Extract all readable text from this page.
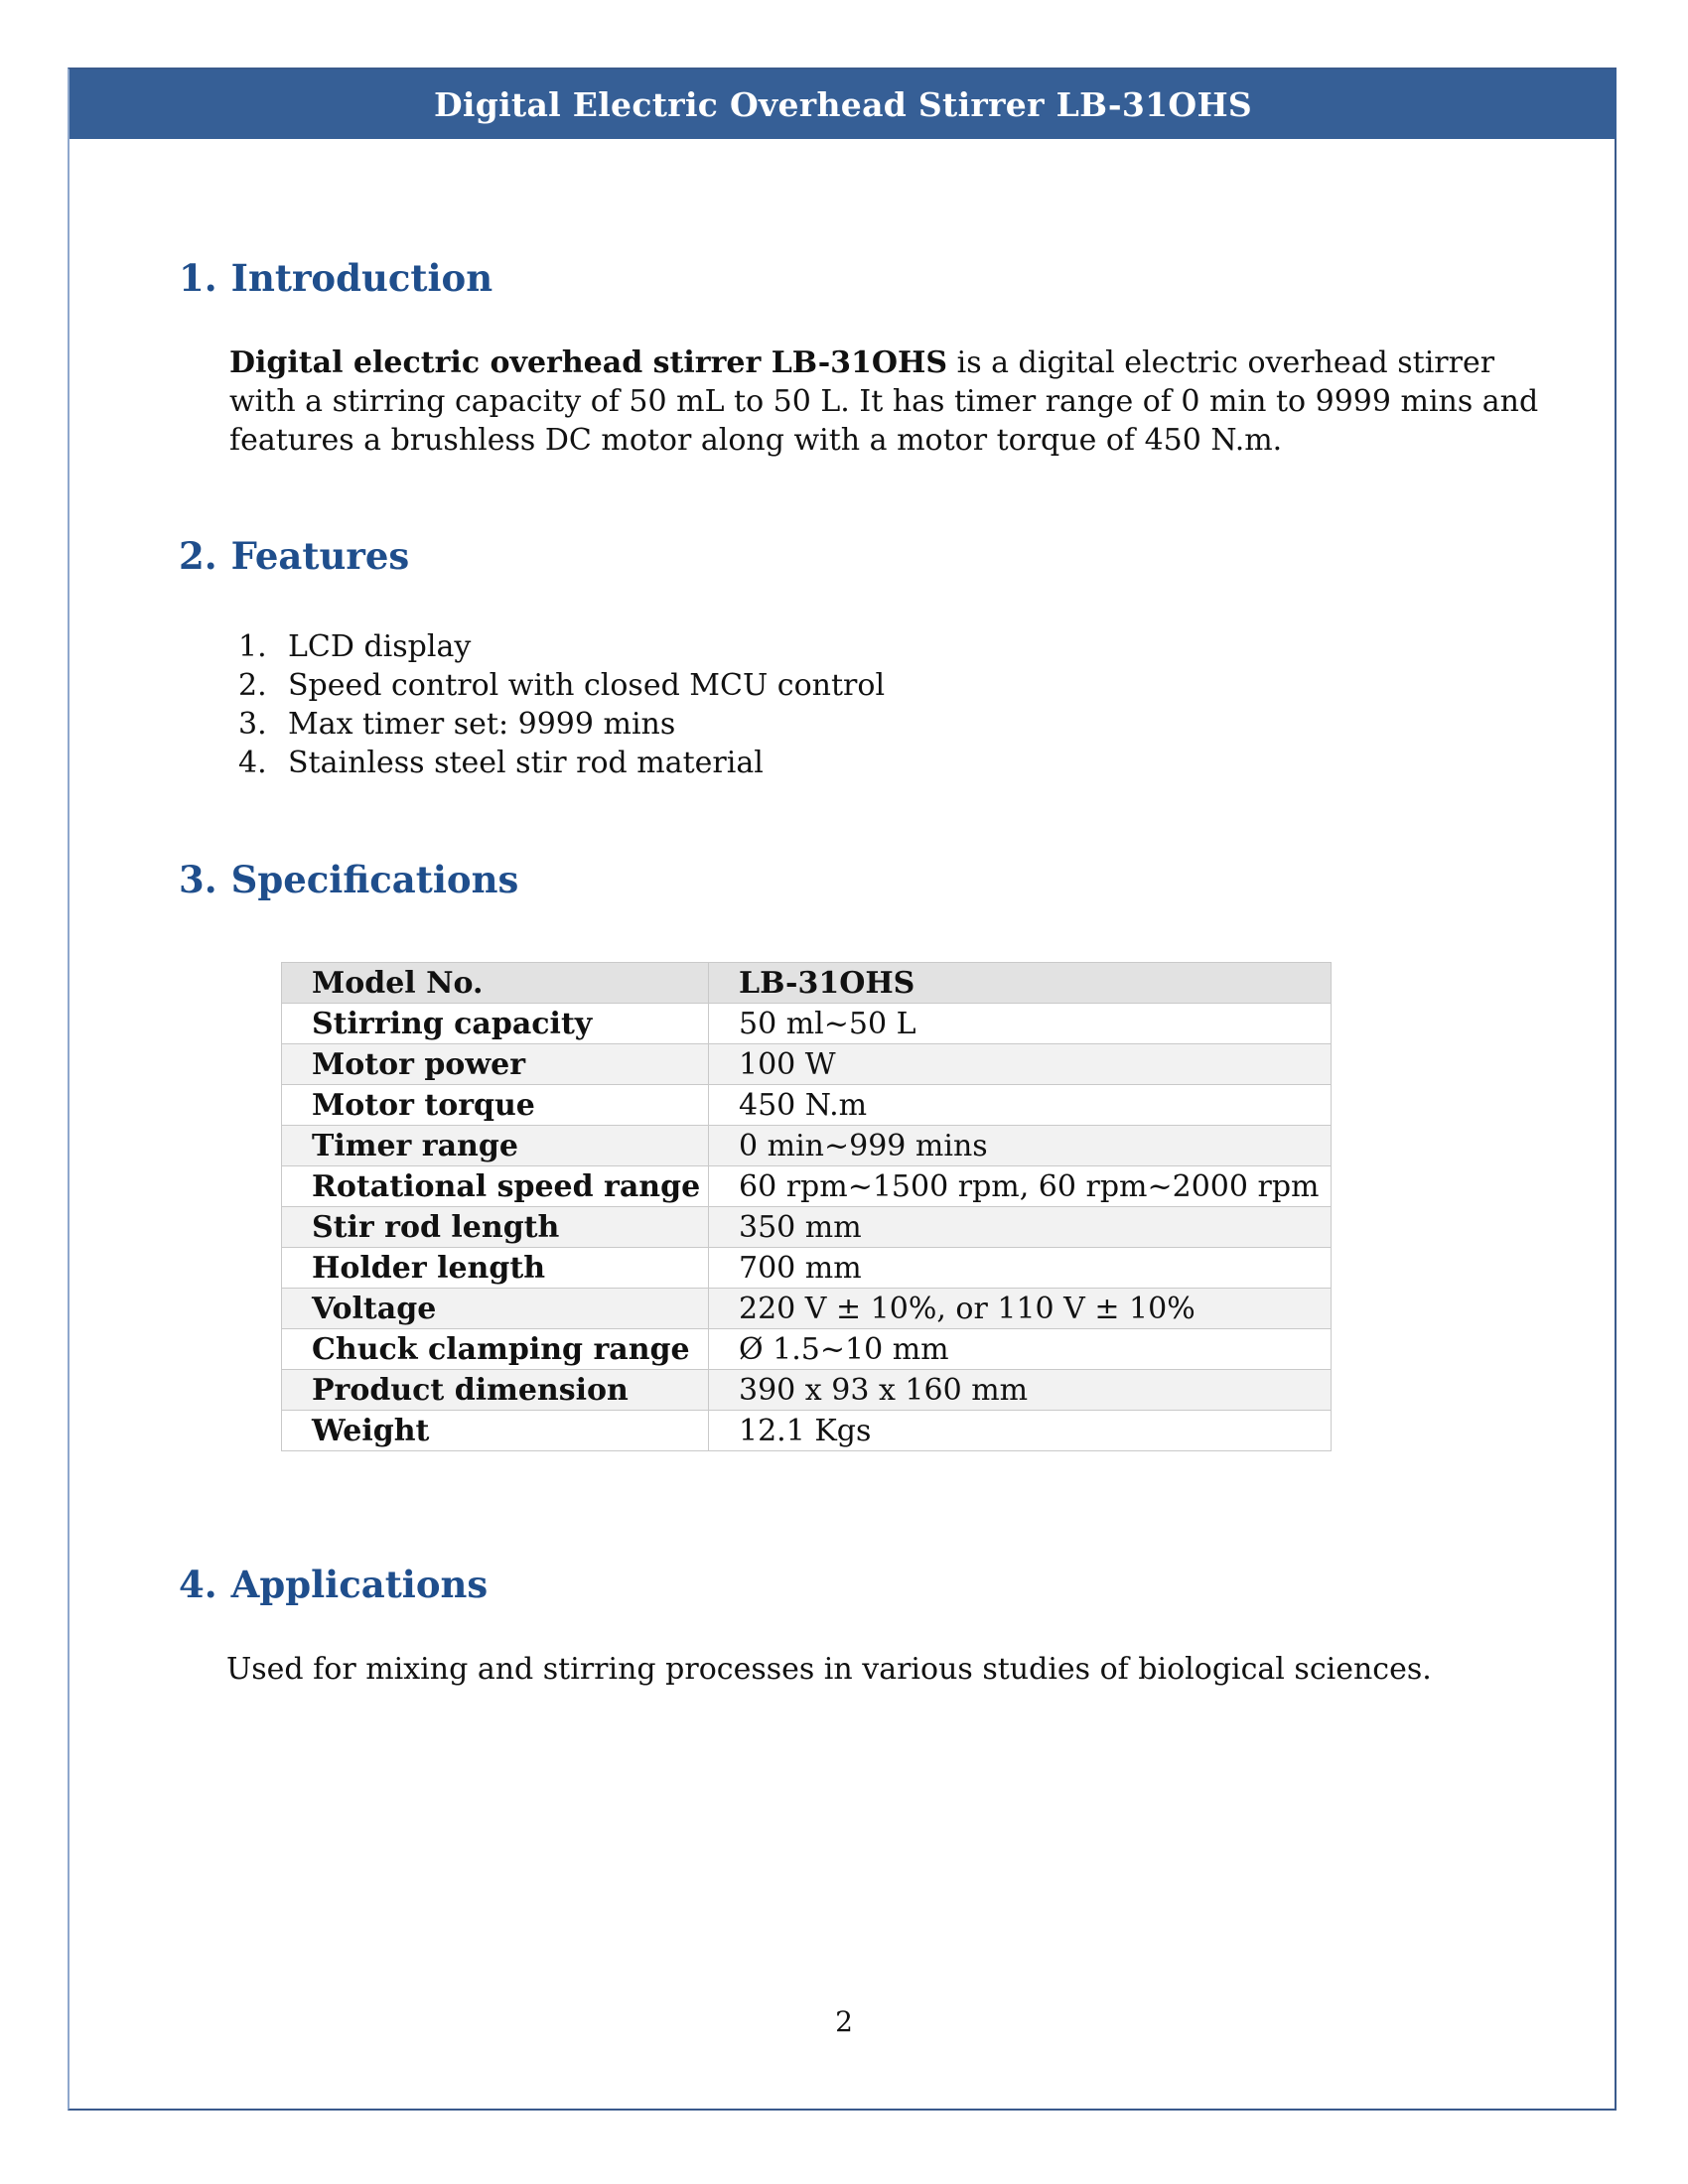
Digital Electric Overhead Stirrer LB-31OHS
1. Introduction

Digital electric overhead stirrer LB-31OHS is a digital electric overhead stirrer with a stirring capacity of 50 mL to 50 L. It has timer range of 0 min to 9999 mins and features a brushless DC motor along with a motor torque of 450 N.m.

2. Features
1. LCD display
2. Speed control with closed MCU control
3. Max timer set: 9999 mins
4. Stainless steel stir rod material
3. Specifications
Model No.	LB-31OHS
Stirring capacity	50 ml~50 L
Motor power	100 W
Motor torque	450 N.m
Timer range	0 min~999 mins
Rotational speed range	60 rpm~1500 rpm, 60 rpm~2000 rpm
Stir rod length	350 mm
Holder length	700 mm
Voltage	220 V ± 10%, or 110 V ± 10%
Chuck clamping range	Ø 1.5~10 mm
Product dimension	390 x 93 x 160 mm
Weight	12.1 Kgs
4. Applications

Used for mixing and stirring processes in various studies of biological sciences.

2
